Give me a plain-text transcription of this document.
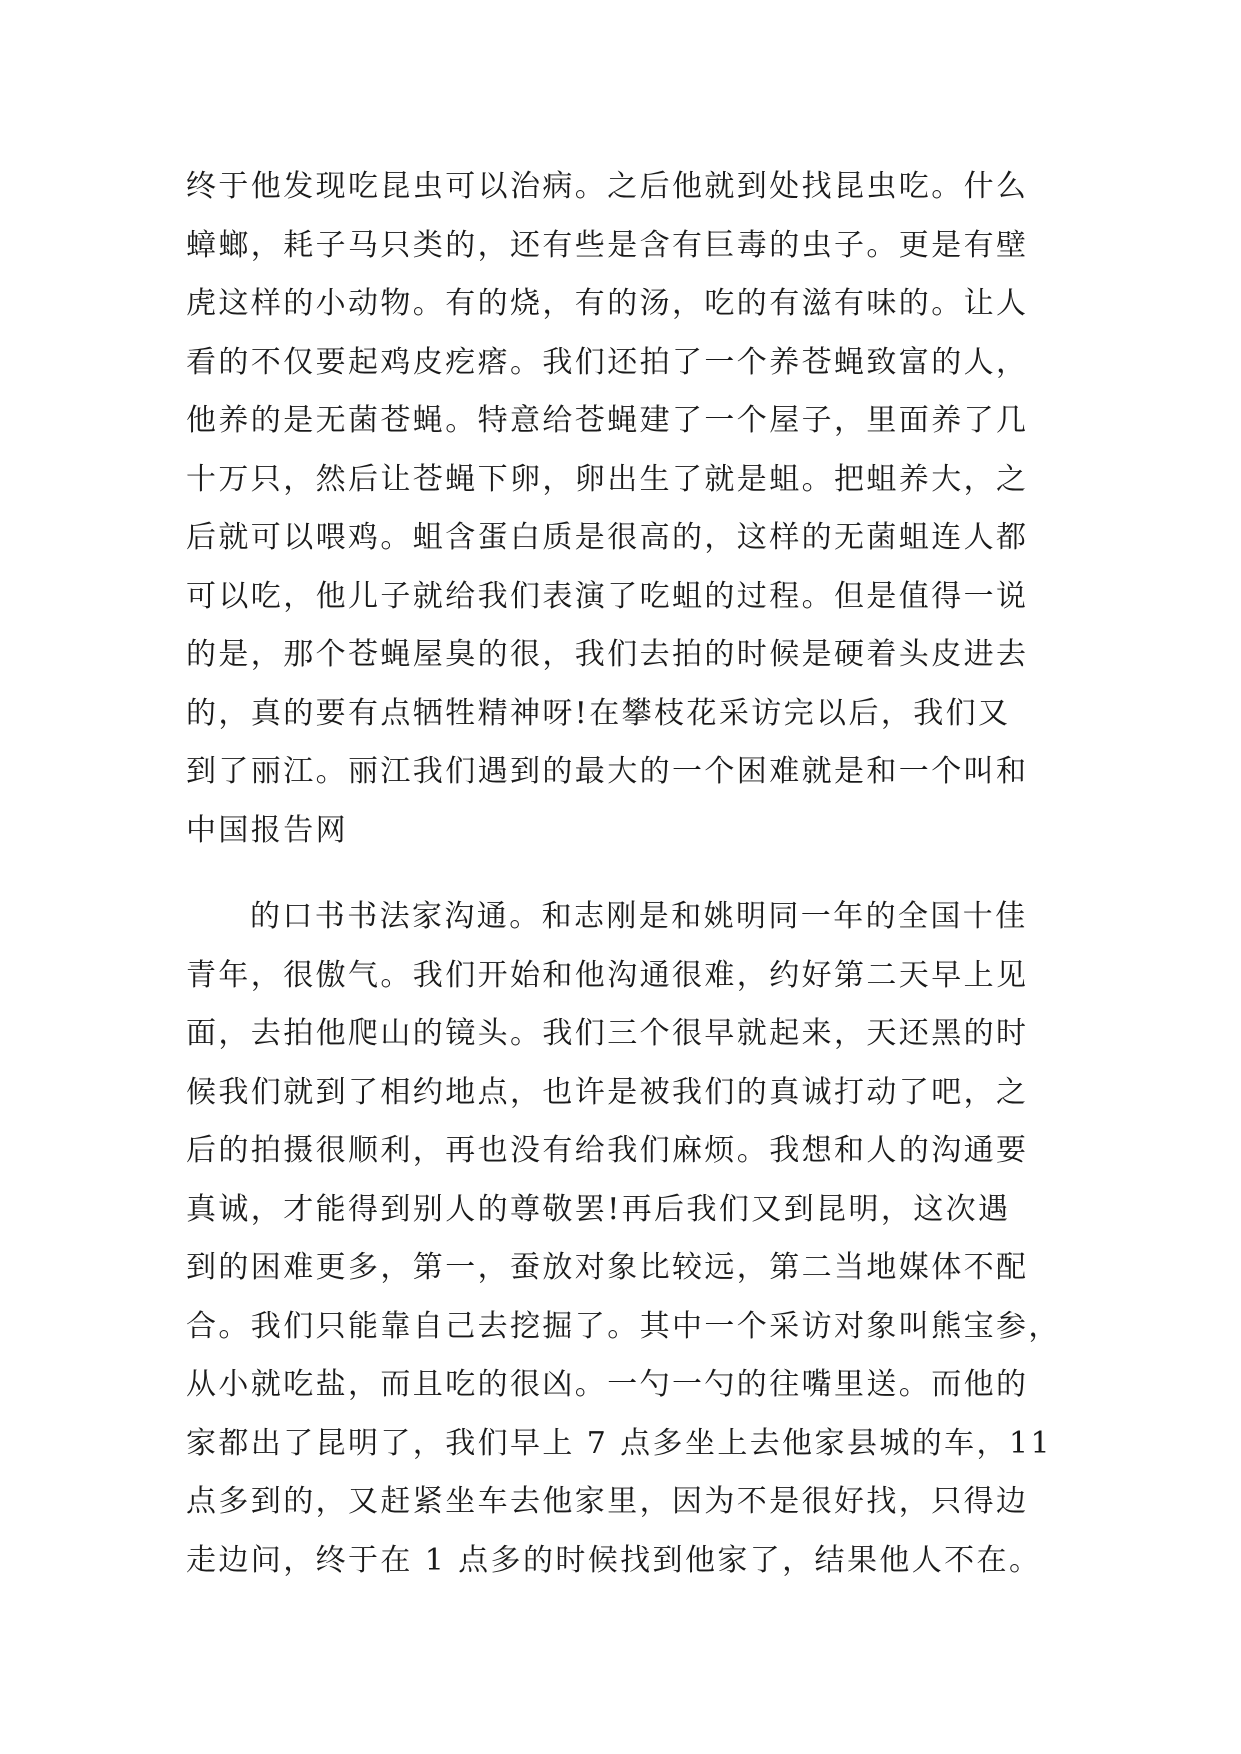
终于他发现吃昆虫可以治病。之后他就到处找昆虫吃。什么
蟑螂，耗子马只类的，还有些是含有巨毒的虫子。更是有壁
虎这样的小动物。有的烧，有的汤，吃的有滋有味的。让人
看的不仅要起鸡皮疙瘩。我们还拍了一个养苍蝇致富的人，
他养的是无菌苍蝇。特意给苍蝇建了一个屋子，里面养了几
十万只，然后让苍蝇下卵，卵出生了就是蛆。把蛆养大，之
后就可以喂鸡。蛆含蛋白质是很高的，这样的无菌蛆连人都
可以吃，他儿子就给我们表演了吃蛆的过程。但是值得一说
的是，那个苍蝇屋臭的很，我们去拍的时候是硬着头皮进去
的，真的要有点牺牲精神呀!在攀枝花采访完以后，我们又
到了丽江。丽江我们遇到的最大的一个困难就是和一个叫和
中国报告网
的口书书法家沟通。和志刚是和姚明同一年的全国十佳
青年，很傲气。我们开始和他沟通很难，约好第二天早上见
面，去拍他爬山的镜头。我们三个很早就起来，天还黑的时
候我们就到了相约地点，也许是被我们的真诚打动了吧，之
后的拍摄很顺利，再也没有给我们麻烦。我想和人的沟通要
真诚，才能得到别人的尊敬罢!再后我们又到昆明，这次遇
到的困难更多，第一，蚕放对象比较远，第二当地媒体不配
合。我们只能靠自己去挖掘了。其中一个采访对象叫熊宝参，
从小就吃盐，而且吃的很凶。一勺一勺的往嘴里送。而他的
家都出了昆明了，我们早上 7 点多坐上去他家县城的车，11
点多到的，又赶紧坐车去他家里，因为不是很好找，只得边
走边问，终于在 1 点多的时候找到他家了，结果他人不在。
